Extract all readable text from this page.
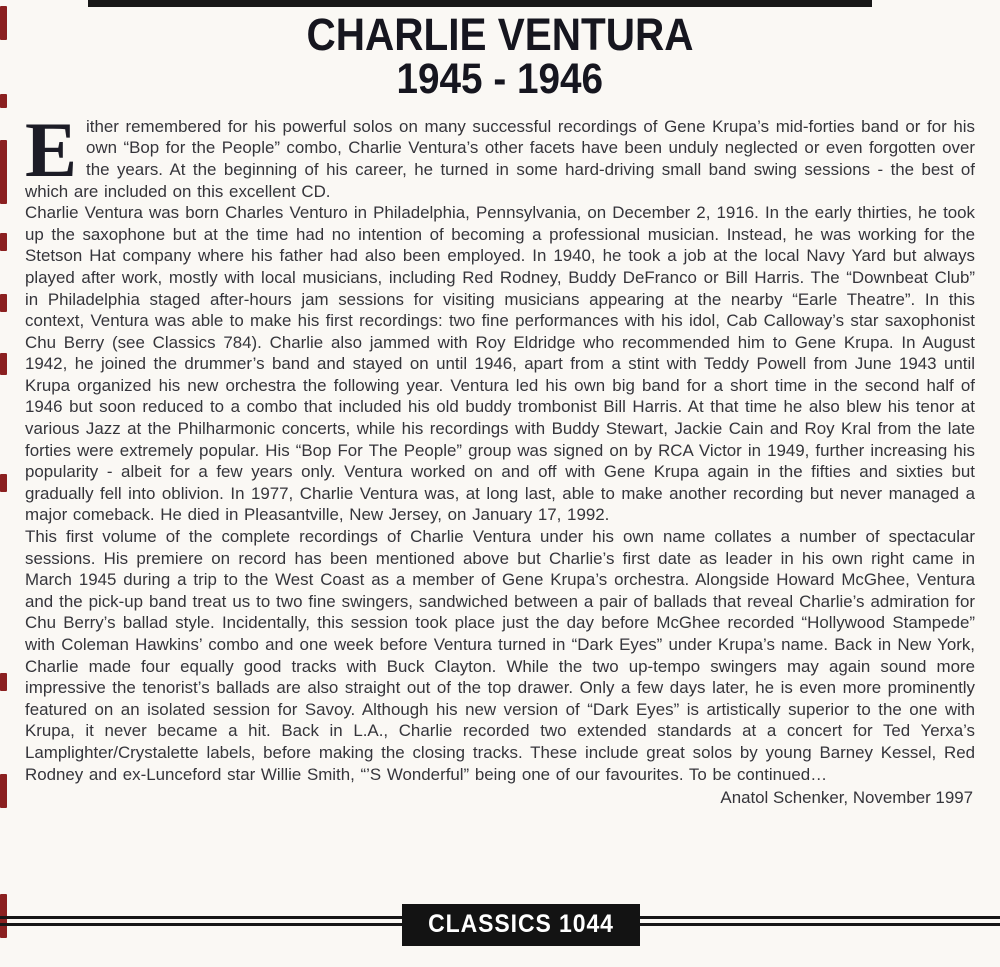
CHARLIE VENTURA
1945 - 1946

Either remembered for his powerful solos on many successful recordings of Gene Krupa’s mid-forties band or for his own “Bop for the People” combo, Charlie Ventura’s other facets have been unduly neglected or even forgotten over the years. At the beginning of his career, he turned in some hard-driving small band swing sessions - the best of which are included on this excellent CD.

Charlie Ventura was born Charles Venturo in Philadelphia, Pennsylvania, on December 2, 1916. In the early thirties, he took up the saxophone but at the time had no intention of becoming a professional musician. Instead, he was working for the Stetson Hat company where his father had also been employed. In 1940, he took a job at the local Navy Yard but always played after work, mostly with local musicians, including Red Rodney, Buddy DeFranco or Bill Harris. The “Downbeat Club” in Philadelphia staged after-hours jam sessions for visiting musicians appearing at the nearby “Earle Theatre”. In this context, Ventura was able to make his first recordings: two fine performances with his idol, Cab Calloway’s star saxophonist Chu Berry (see Classics 784). Charlie also jammed with Roy Eldridge who recommended him to Gene Krupa. In August 1942, he joined the drummer’s band and stayed on until 1946, apart from a stint with Teddy Powell from June 1943 until Krupa organized his new orchestra the following year. Ventura led his own big band for a short time in the second half of 1946 but soon reduced to a combo that included his old buddy trombonist Bill Harris. At that time he also blew his tenor at various Jazz at the Philharmonic concerts, while his recordings with Buddy Stewart, Jackie Cain and Roy Kral from the late forties were extremely popular. His “Bop For The People” group was signed on by RCA Victor in 1949, further increasing his popularity - albeit for a few years only. Ventura worked on and off with Gene Krupa again in the fifties and sixties but gradually fell into oblivion. In 1977, Charlie Ventura was, at long last, able to make another recording but never managed a major comeback. He died in Pleasantville, New Jersey, on January 17, 1992.

This first volume of the complete recordings of Charlie Ventura under his own name collates a number of spectacular sessions. His premiere on record has been mentioned above but Charlie’s first date as leader in his own right came in March 1945 during a trip to the West Coast as a member of Gene Krupa’s orchestra. Alongside Howard McGhee, Ventura and the pick-up band treat us to two fine swingers, sandwiched between a pair of ballads that reveal Charlie’s admiration for Chu Berry’s ballad style. Incidentally, this session took place just the day before McGhee recorded “Hollywood Stampede” with Coleman Hawkins’ combo and one week before Ventura turned in “Dark Eyes” under Krupa’s name. Back in New York, Charlie made four equally good tracks with Buck Clayton. While the two up-tempo swingers may again sound more impressive the tenorist’s ballads are also straight out of the top drawer. Only a few days later, he is even more prominently featured on an isolated session for Savoy. Although his new version of “Dark Eyes” is artistically superior to the one with Krupa, it never became a hit. Back in L.A., Charlie recorded two extended standards at a concert for Ted Yerxa’s Lamplighter/Crystalette labels, before making the closing tracks. These include great solos by young Barney Kessel, Red Rodney and ex-Lunceford star Willie Smith, “’S Wonderful” being one of our favourites. To be continued…

Anatol Schenker, November 1997
CLASSICS 1044
